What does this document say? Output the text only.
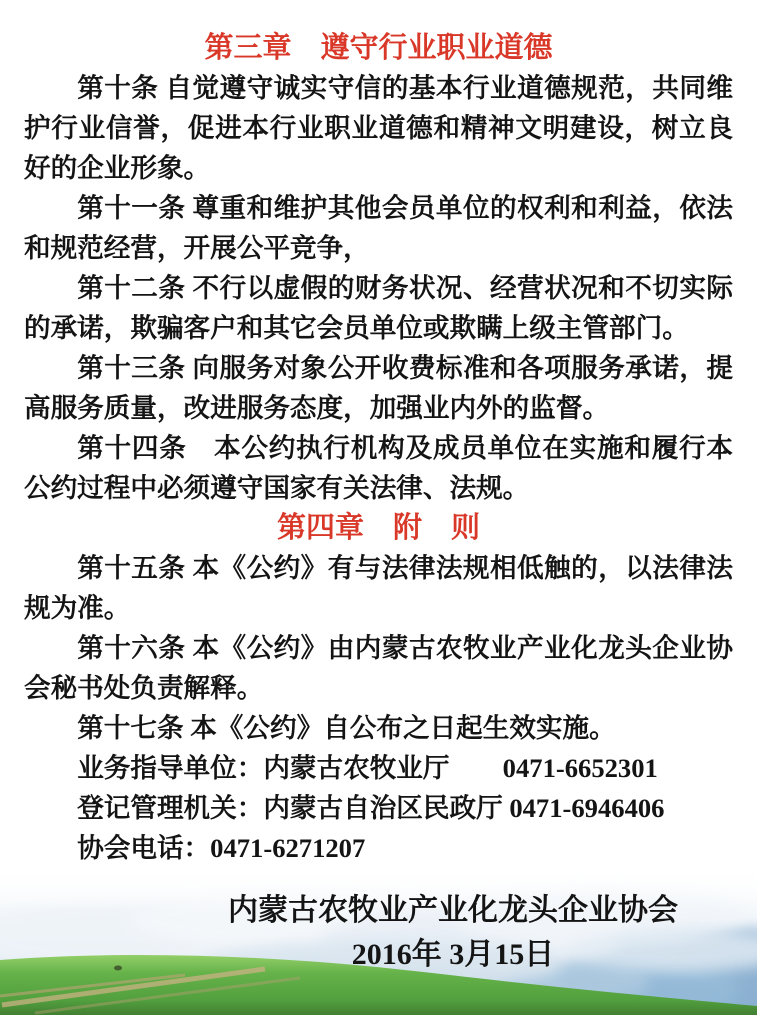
第三章　遵守行业职业道德

第十条 自觉遵守诚实守信的基本行业道德规范，共同维护行业信誉，促进本行业职业道德和精神文明建设，树立良好的企业形象。

第十一条 尊重和维护其他会员单位的权利和利益，依法和规范经营，开展公平竞争，

第十二条 不行以虚假的财务状况、经营状况和不切实际的承诺，欺骗客户和其它会员单位或欺瞒上级主管部门。

第十三条 向服务对象公开收费标准和各项服务承诺，提高服务质量，改进服务态度，加强业内外的监督。

第十四条　本公约执行机构及成员单位在实施和履行本公约过程中必须遵守国家有关法律、法规。

第四章　附　则

第十五条 本《公约》有与法律法规相低触的，以法律法规为准。

第十六条 本《公约》由内蒙古农牧业产业化龙头企业协会秘书处负责解释。

第十七条 本《公约》自公布之日起生效实施。

业务指导单位：内蒙古农牧业厅　　0471-6652301

登记管理机关：内蒙古自治区民政厅 0471-6946406

协会电话：0471-6271207

内蒙古农牧业产业化龙头企业协会

2016年 3月15日
